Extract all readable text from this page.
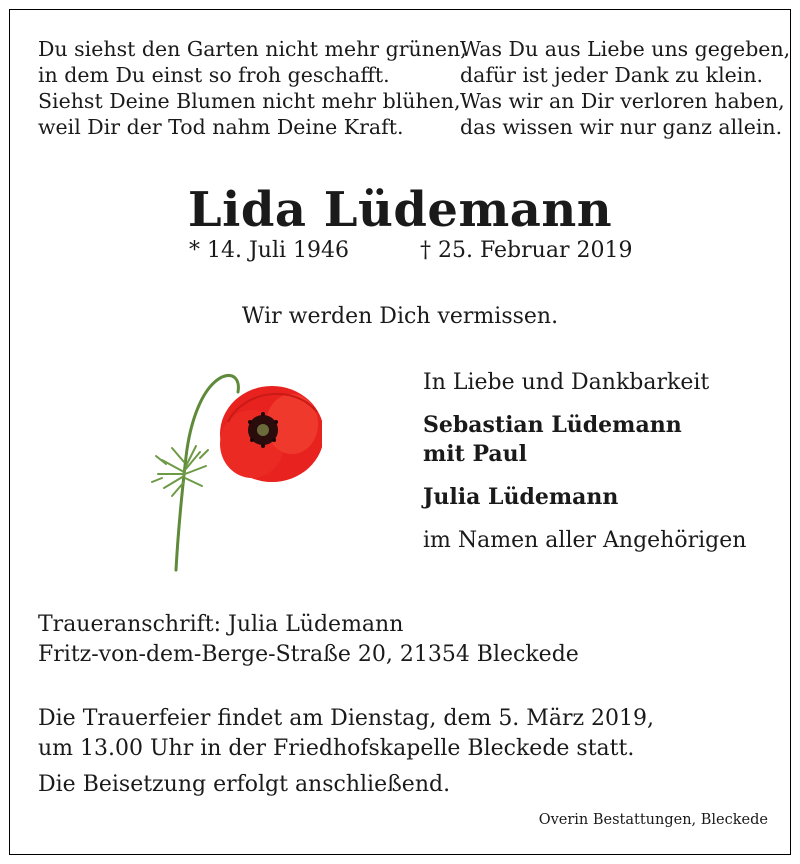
Du siehst den Garten nicht mehr grünen,
in dem Du einst so froh geschafft.
Siehst Deine Blumen nicht mehr blühen,
weil Dir der Tod nahm Deine Kraft.
Was Du aus Liebe uns gegeben,
dafür ist jeder Dank zu klein.
Was wir an Dir verloren haben,
das wissen wir nur ganz allein.
Lida Lüdemann
* 14. Juli 1946	† 25. Februar 2019
Wir werden Dich vermissen.
In Liebe und Dankbarkeit
Sebastian Lüdemann
mit Paul
Julia Lüdemann
im Namen aller Angehörigen
Traueranschrift: Julia Lüdemann
Fritz-von-dem-Berge-Straße 20, 21354 Bleckede
Die Trauerfeier findet am Dienstag, dem 5. März 2019,
um 13.00 Uhr in der Friedhofskapelle Bleckede statt.
Die Beisetzung erfolgt anschließend.
Overin Bestattungen, Bleckede
